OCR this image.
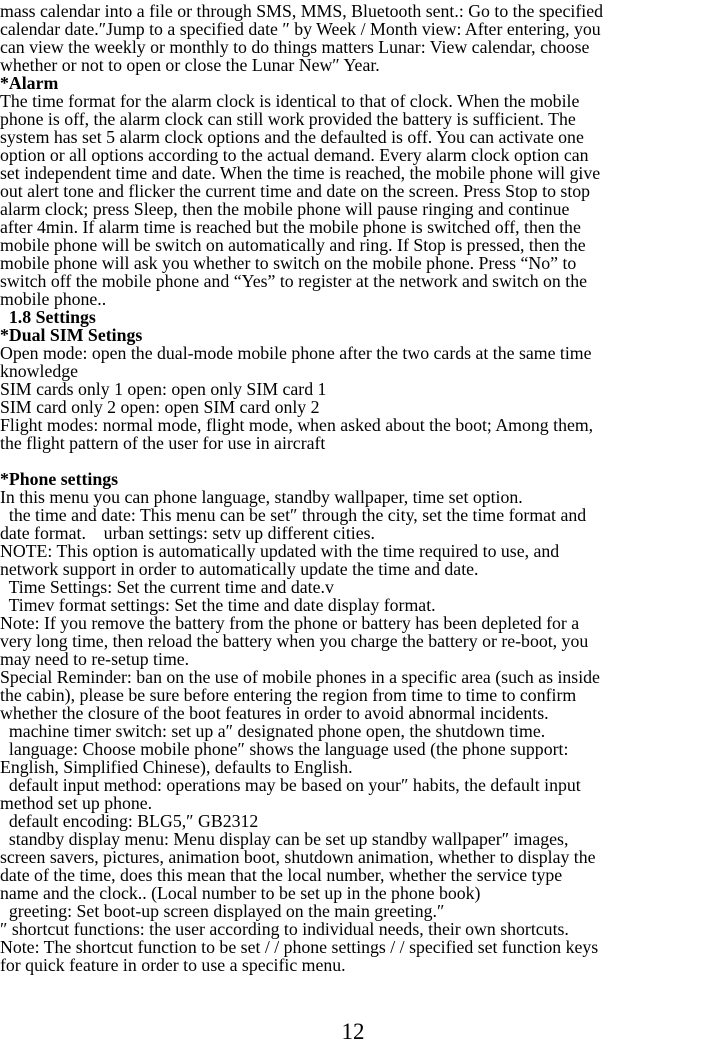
mass calendar into a file or through SMS, MMS, Bluetooth sent.: Go to the specified
calendar date.″Jump to a specified date ″ by Week / Month view: After entering, you
can view the weekly or monthly to do things matters Lunar: View calendar, choose
whether or not to open or close the Lunar New″ Year.
*Alarm
The time format for the alarm clock is identical to that of clock. When the mobile
phone is off, the alarm clock can still work provided the battery is sufficient. The
system has set 5 alarm clock options and the defaulted is off. You can activate one
option or all options according to the actual demand. Every alarm clock option can
set independent time and date. When the time is reached, the mobile phone will give
out alert tone and flicker the current time and date on the screen. Press Stop to stop
alarm clock; press Sleep, then the mobile phone will pause ringing and continue
after 4min. If alarm time is reached but the mobile phone is switched off, then the
mobile phone will be switch on automatically and ring. If Stop is pressed, then the
mobile phone will ask you whether to switch on the mobile phone. Press “No” to
switch off the mobile phone and “Yes” to register at the network and switch on the
mobile phone..
1.8 Settings
*Dual SIM Setings
Open mode: open the dual-mode mobile phone after the two cards at the same time
knowledge
SIM cards only 1 open: open only SIM card 1
SIM card only 2 open: open SIM card only 2
Flight modes: normal mode, flight mode, when asked about the boot; Among them,
the flight pattern of the user for use in aircraft
*Phone settings
In this menu you can phone language, standby wallpaper, time set option.
the time and date: This menu can be set″ through the city, set the time format and
date format.    urban settings: setv up different cities.
NOTE: This option is automatically updated with the time required to use, and
network support in order to automatically update the time and date.
Time Settings: Set the current time and date.v
Timev format settings: Set the time and date display format.
Note: If you remove the battery from the phone or battery has been depleted for a
very long time, then reload the battery when you charge the battery or re-boot, you
may need to re-setup time.
Special Reminder: ban on the use of mobile phones in a specific area (such as inside
the cabin), please be sure before entering the region from time to time to confirm
whether the closure of the boot features in order to avoid abnormal incidents.
machine timer switch: set up a″ designated phone open, the shutdown time.
language: Choose mobile phone″ shows the language used (the phone support:
English, Simplified Chinese), defaults to English.
default input method: operations may be based on your″ habits, the default input
method set up phone.
default encoding: BLG5,″ GB2312
standby display menu: Menu display can be set up standby wallpaper″ images,
screen savers, pictures, animation boot, shutdown animation, whether to display the
date of the time, does this mean that the local number, whether the service type
name and the clock.. (Local number to be set up in the phone book)
greeting: Set boot-up screen displayed on the main greeting.″
″ shortcut functions: the user according to individual needs, their own shortcuts.
Note: The shortcut function to be set / / phone settings / / specified set function keys
for quick feature in order to use a specific menu.
12
